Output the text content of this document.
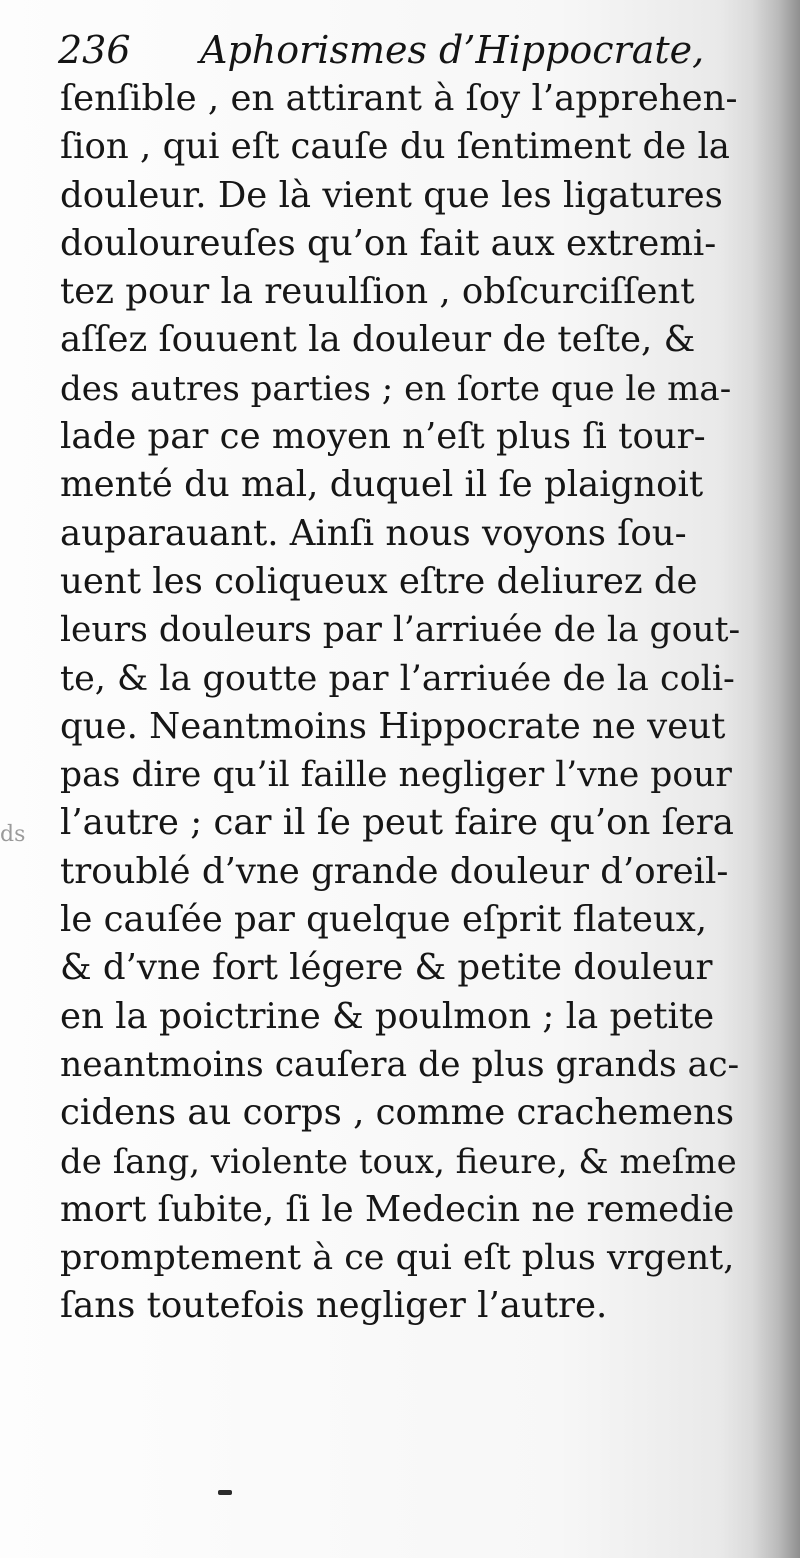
236 Aphorismes d’Hippocrate,
ſenſible , en attirant à ſoy l’apprehen-
ſion , qui eſt cauſe du ſentiment de la
douleur. De là vient que les ligatures
douloureuſes qu’on fait aux extremi-
tez pour la reuulſion , obſcurciſſent
aſſez ſouuent la douleur de teſte, &
des autres parties ; en ſorte que le ma-
lade par ce moyen n’eſt plus ſi tour-
menté du mal, duquel il ſe plaignoit
auparauant. Ainſi nous voyons ſou-
uent les coliqueux eſtre deliurez de
leurs douleurs par l’arriuée de la gout-
te, & la goutte par l’arriuée de la coli-
que. Neantmoins Hippocrate ne veut
pas dire qu’il faille negliger l’vne pour
l’autre ; car il ſe peut faire qu’on ſera
troublé d’vne grande douleur d’oreil-
le cauſée par quelque eſprit flateux,
& d’vne fort légere & petite douleur
en la poictrine & poulmon ; la petite
neantmoins cauſera de plus grands ac-
cidens au corps , comme crachemens
de ſang, violente toux, fieure, & meſme
mort ſubite, ſi le Medecin ne remedie
promptement à ce qui eſt plus vrgent,
ſans toutefois negliger l’autre.
ds
